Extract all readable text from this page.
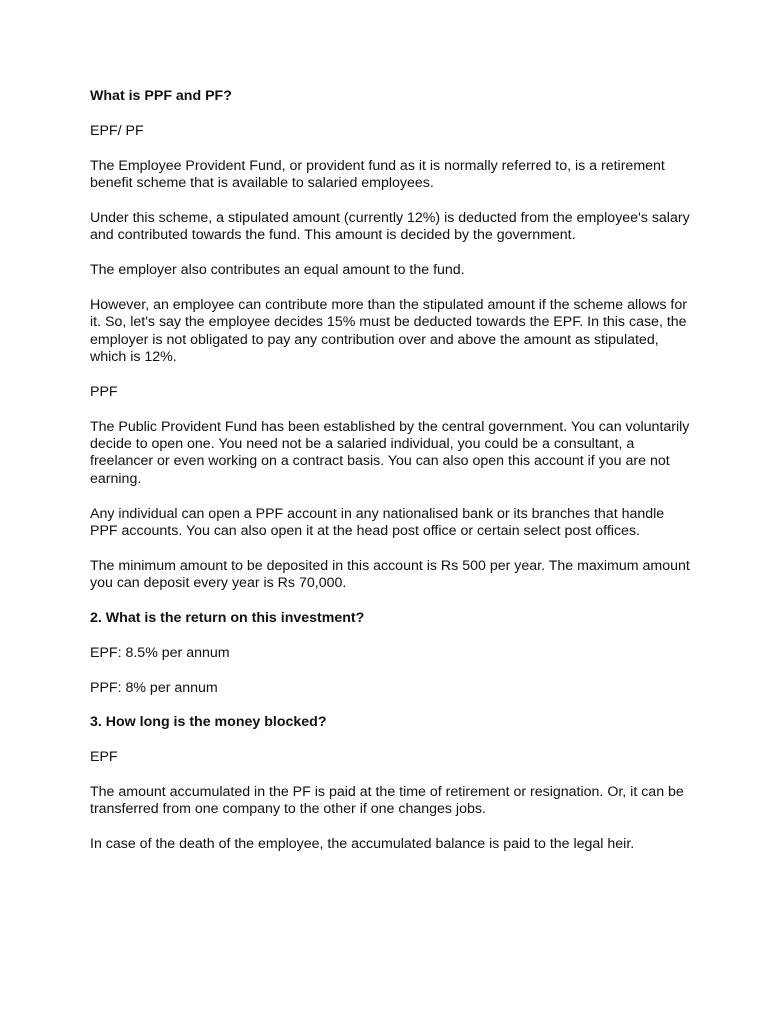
What is PPF and PF?

EPF/ PF

The Employee Provident Fund, or provident fund as it is normally referred to, is a retirement benefit scheme that is available to salaried employees.

Under this scheme, a stipulated amount (currently 12%) is deducted from the employee's salary and contributed towards the fund. This amount is decided by the government.

The employer also contributes an equal amount to the fund.

However, an employee can contribute more than the stipulated amount if the scheme allows for it. So, let's say the employee decides 15% must be deducted towards the EPF. In this case, the employer is not obligated to pay any contribution over and above the amount as stipulated, which is 12%.

PPF

The Public Provident Fund has been established by the central government. You can voluntarily decide to open one. You need not be a salaried individual, you could be a consultant, a freelancer or even working on a contract basis. You can also open this account if you are not earning.

Any individual can open a PPF account in any nationalised bank or its branches that handle PPF accounts. You can also open it at the head post office or certain select post offices.

The minimum amount to be deposited in this account is Rs 500 per year. The maximum amount you can deposit every year is Rs 70,000.

2. What is the return on this investment?

EPF: 8.5% per annum

PPF: 8% per annum

3. How long is the money blocked?

EPF

The amount accumulated in the PF is paid at the time of retirement or resignation. Or, it can be transferred from one company to the other if one changes jobs.

In case of the death of the employee, the accumulated balance is paid to the legal heir.
